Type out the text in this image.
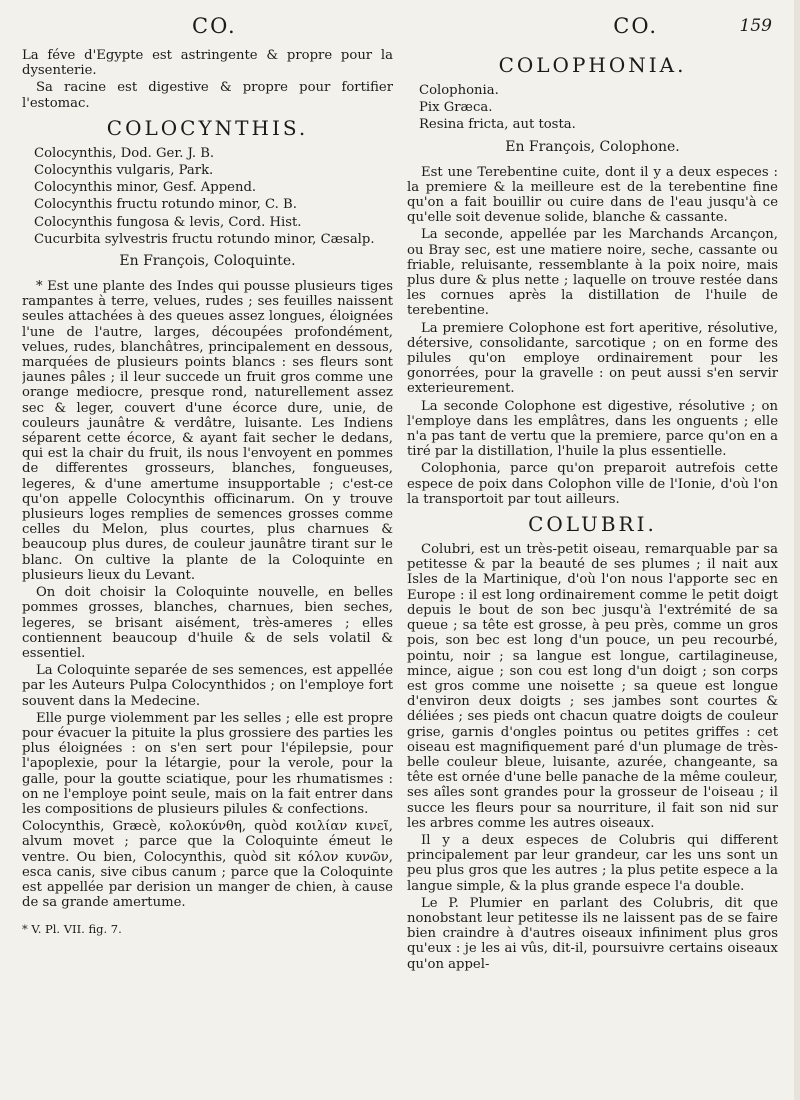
CO.	CO.	159

La féve d'Egypte est astringente & propre pour la dysenterie.

Sa racine est digestive & propre pour fortifier l'estomac.

COLOCYNTHIS.

Colocynthis, Dod. Ger. J. B.

Colocynthis vulgaris, Park.

Colocynthis minor, Gesf. Append.

Colocynthis fructu rotundo minor, C. B.

Colocynthis fungosa & levis, Cord. Hist.

Cucurbita sylvestris fructu rotundo minor, Cæsalp.

En François, Coloquinte.

* Est une plante des Indes qui pousse plusieurs tiges rampantes à terre, velues, rudes ; ses feuilles naissent seules attachées à des queues assez longues, éloignées l'une de l'autre, larges, découpées profondément, velues, rudes, blanchâtres, principalement en dessous, marquées de plusieurs points blancs : ses fleurs sont jaunes pâles ; il leur succede un fruit gros comme une orange mediocre, presque rond, naturellement assez sec & leger, couvert d'une écorce dure, unie, de couleurs jaunâtre & verdâtre, luisante. Les Indiens séparent cette écorce, & ayant fait secher le dedans, qui est la chair du fruit, ils nous l'envoyent en pommes de differentes grosseurs, blanches, fongueuses, legeres, & d'une amertume insupportable ; c'est-ce qu'on appelle Colocynthis officinarum. On y trouve plusieurs loges remplies de semences grosses comme celles du Melon, plus courtes, plus charnues & beaucoup plus dures, de couleur jaunâtre tirant sur le blanc. On cultive la plante de la Coloquinte en plusieurs lieux du Levant.

On doit choisir la Coloquinte nouvelle, en belles pommes grosses, blanches, charnues, bien seches, legeres, se brisant aisément, très-ameres ; elles contiennent beaucoup d'huile & de sels volatil & essentiel.

La Coloquinte separée de ses semences, est appellée par les Auteurs Pulpa Colocynthidos ; on l'employe fort souvent dans la Medecine.

Elle purge violemment par les selles ; elle est propre pour évacuer la pituite la plus grossiere des parties les plus éloignées : on s'en sert pour l'épilepsie, pour l'apoplexie, pour la létargie, pour la verole, pour la galle, pour la goutte sciatique, pour les rhumatismes : on ne l'employe point seule, mais on la fait entrer dans les compositions de plusieurs pilules & confections.

Colocynthis, Græcè, κολοκύνθη, quòd κοιλίαν κινεῖ, alvum movet ; parce que la Coloquinte émeut le ventre. Ou bien, Colocynthis, quòd sit κόλον κυνῶν, esca canis, sive cibus canum ; parce que la Coloquinte est appellée par derision un manger de chien, à cause de sa grande amertume.

* V. Pl. VII. fig. 7.
COLOPHONIA.

Colophonia.

Pix Græca.

Resina fricta, aut tosta.

En François, Colophone.

Est une Terebentine cuite, dont il y a deux especes : la premiere & la meilleure est de la terebentine fine qu'on a fait bouillir ou cuire dans de l'eau jusqu'à ce qu'elle soit devenue solide, blanche & cassante.

La seconde, appellée par les Marchands Arcançon, ou Bray sec, est une matiere noire, seche, cassante ou friable, reluisante, ressemblante à la poix noire, mais plus dure & plus nette ; laquelle on trouve restée dans les cornues après la distillation de l'huile de terebentine.

La premiere Colophone est fort aperitive, résolutive, détersive, consolidante, sarcotique ; on en forme des pilules qu'on employe ordinairement pour les gonorrées, pour la gravelle : on peut aussi s'en servir exterieurement.

La seconde Colophone est digestive, résolutive ; on l'employe dans les emplâtres, dans les onguents ; elle n'a pas tant de vertu que la premiere, parce qu'on en a tiré par la distillation, l'huile la plus essentielle.

Colophonia, parce qu'on preparoit autrefois cette espece de poix dans Colophon ville de l'Ionie, d'où l'on la transportoit par tout ailleurs.

COLUBRI.

Colubri, est un très-petit oiseau, remarquable par sa petitesse & par la beauté de ses plumes ; il nait aux Isles de la Martinique, d'où l'on nous l'apporte sec en Europe : il est long ordinairement comme le petit doigt depuis le bout de son bec jusqu'à l'extrémité de sa queue ; sa tête est grosse, à peu près, comme un gros pois, son bec est long d'un pouce, un peu recourbé, pointu, noir ; sa langue est longue, cartilagineuse, mince, aigue ; son cou est long d'un doigt ; son corps est gros comme une noisette ; sa queue est longue d'environ deux doigts ; ses jambes sont courtes & déliées ; ses pieds ont chacun quatre doigts de couleur grise, garnis d'ongles pointus ou petites griffes : cet oiseau est magnifiquement paré d'un plumage de très-belle couleur bleue, luisante, azurée, changeante, sa tête est ornée d'une belle panache de la même couleur, ses aîles sont grandes pour la grosseur de l'oiseau ; il succe les fleurs pour sa nourriture, il fait son nid sur les arbres comme les autres oiseaux.

Il y a deux especes de Colubris qui different principalement par leur grandeur, car les uns sont un peu plus gros que les autres ; la plus petite espece a la langue simple, & la plus grande espece l'a double.

Le P. Plumier en parlant des Colubris, dit que nonobstant leur petitesse ils ne laissent pas de se faire bien craindre à d'autres oiseaux infiniment plus gros qu'eux : je les ai vûs, dit-il, poursuivre certains oiseaux qu'on appel-
